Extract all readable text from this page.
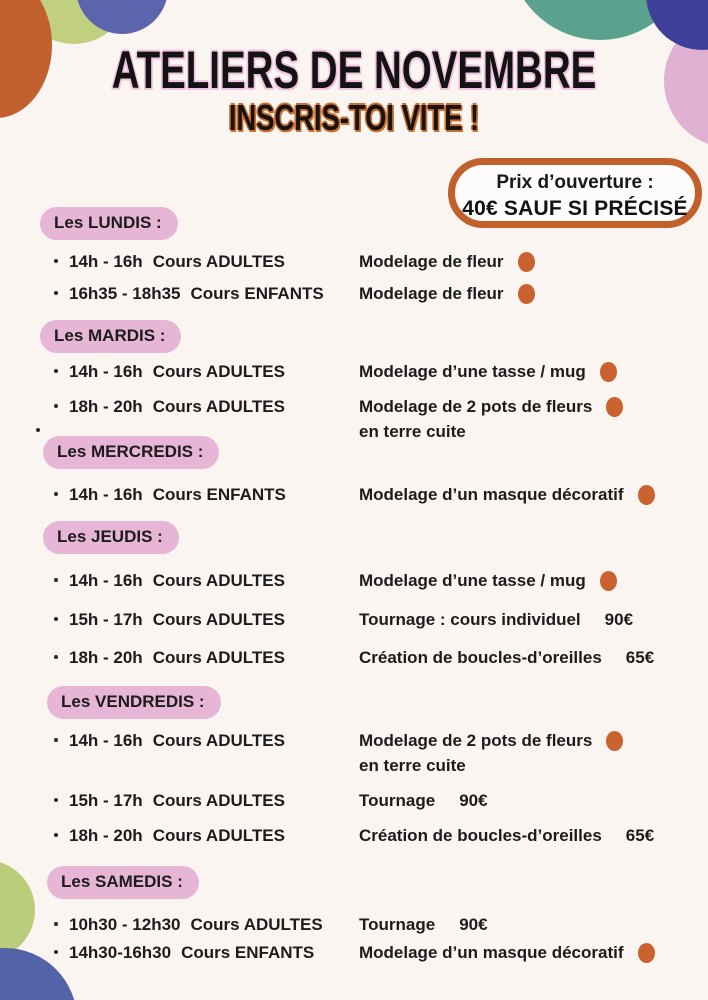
ATELIERS DE NOVEMBRE
INSCRIS-TOI VITE !
Prix d’ouverture :
40€ SAUF SI PRÉCISÉ
Les LUNDIS :
14h - 16h Cours ADULTES	Modelage de fleur
16h35 - 18h35 Cours ENFANTS	Modelage de fleur
Les MARDIS :
14h - 16h Cours ADULTES	Modelage d’une tasse / mug
18h - 20h Cours ADULTES	Modelage de 2 pots de fleurs
en terre cuite
Les MERCREDIS :
14h - 16h Cours ENFANTS	Modelage d’un masque décoratif
Les JEUDIS :
14h - 16h Cours ADULTES	Modelage d’une tasse / mug
15h - 17h Cours ADULTES	Tournage : cours individuel 90€
18h - 20h Cours ADULTES	Création de boucles-d’oreilles 65€
Les VENDREDIS :
14h - 16h Cours ADULTES	Modelage de 2 pots de fleurs
en terre cuite
15h - 17h Cours ADULTES	Tournage 90€
18h - 20h Cours ADULTES	Création de boucles-d’oreilles 65€
Les SAMEDIS :
10h30 - 12h30 Cours ADULTES	Tournage 90€
14h30-16h30 Cours ENFANTS	Modelage d’un masque décoratif
